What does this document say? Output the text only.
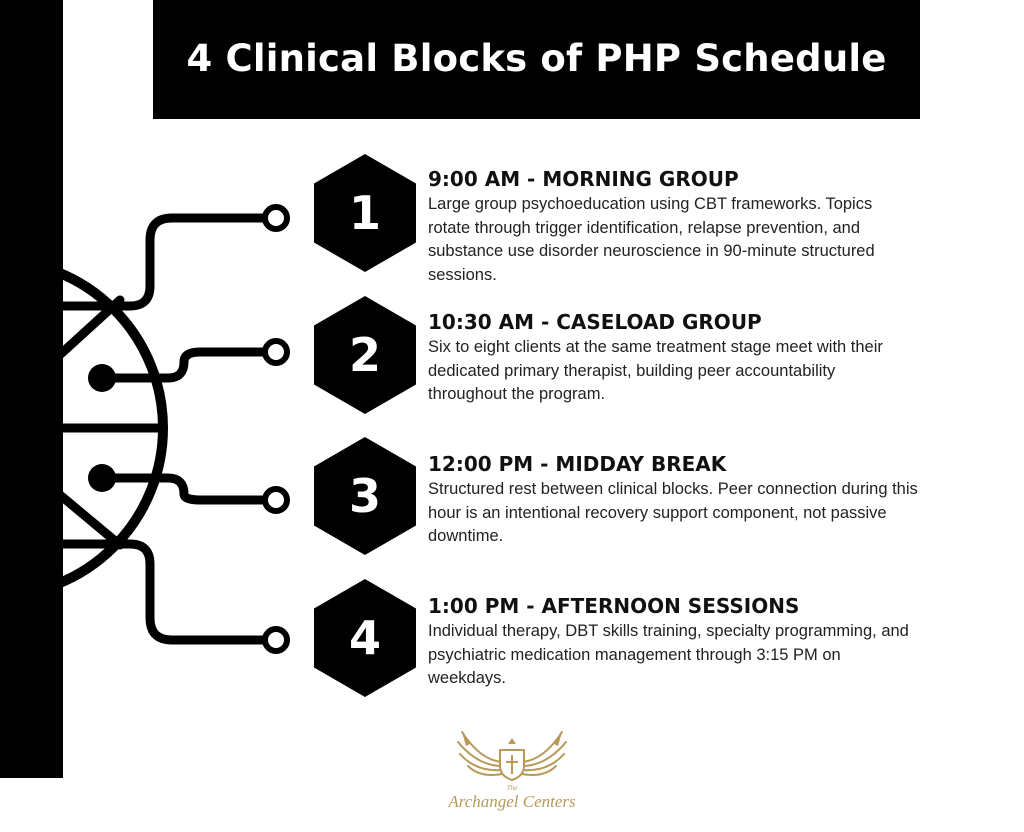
4 Clinical Blocks of PHP Schedule
1
9:00 AM - MORNING GROUP
Large group psychoeducation using CBT frameworks. Topics rotate through trigger identification, relapse prevention, and substance use disorder neuroscience in 90-minute structured sessions.
2
10:30 AM - CASELOAD GROUP
Six to eight clients at the same treatment stage meet with their dedicated primary therapist, building peer accountability throughout the program.
3
12:00 PM - MIDDAY BREAK
Structured rest between clinical blocks. Peer connection during this hour is an intentional recovery support component, not passive downtime.
4
1:00 PM - AFTERNOON SESSIONS
Individual therapy, DBT skills training, specialty programming, and psychiatric medication management through 3:15 PM on weekdays.
The
Archangel Centers
